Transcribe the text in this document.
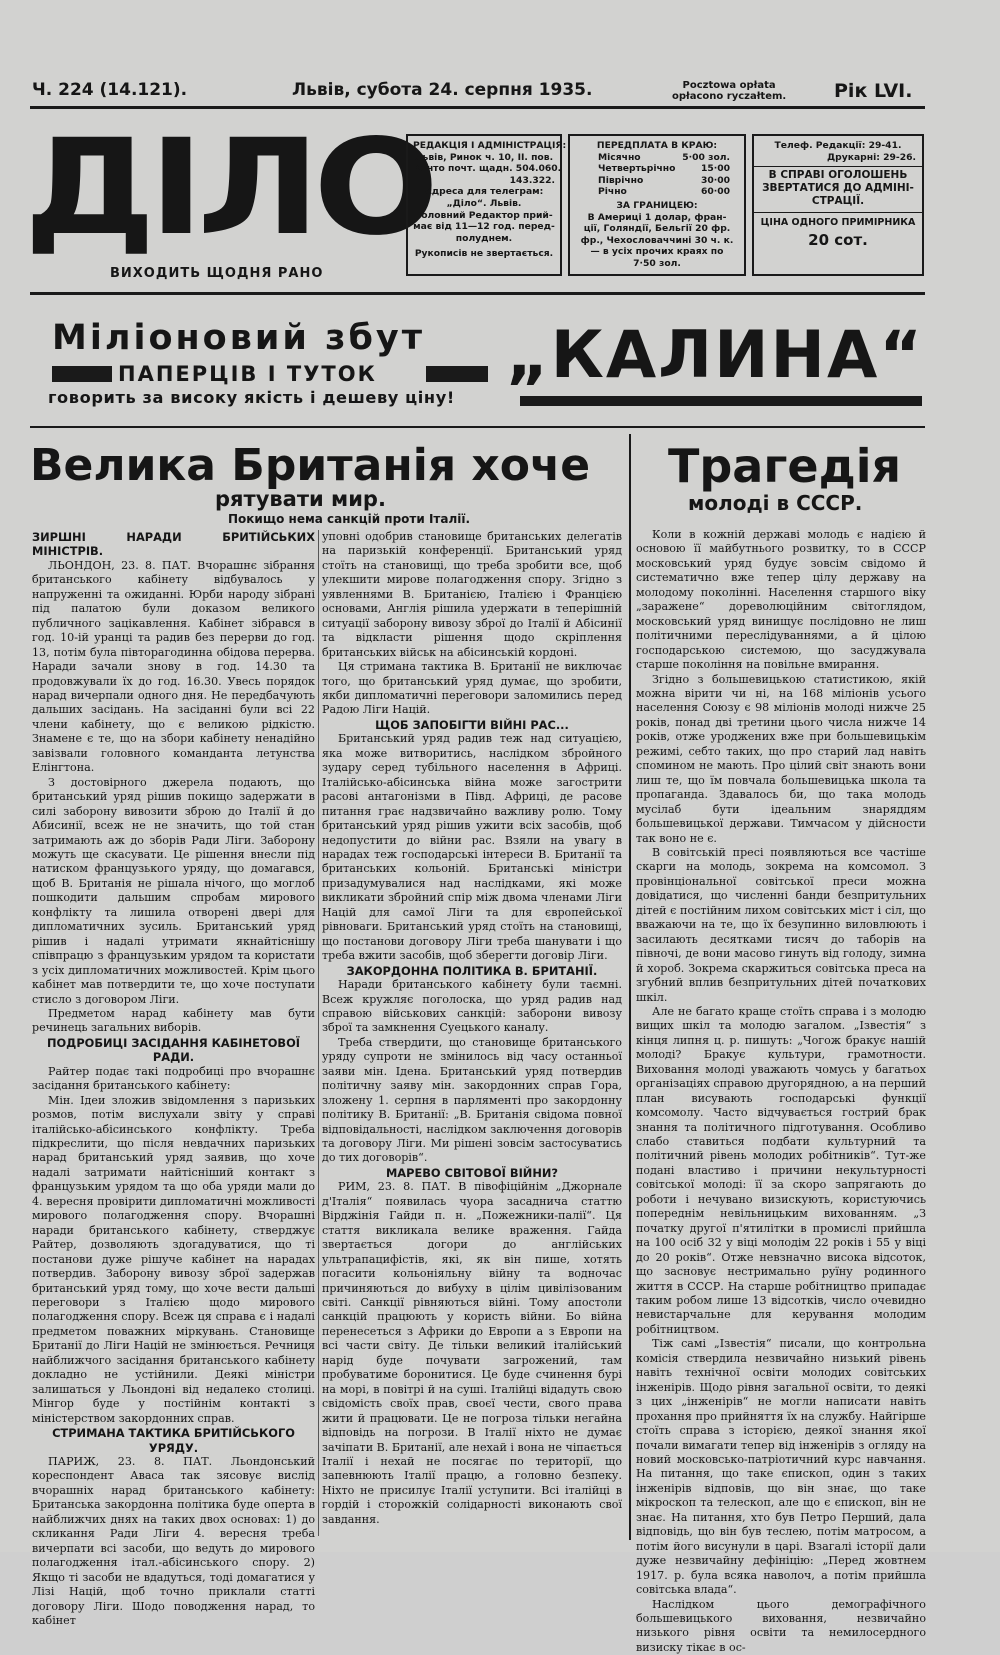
Ч. 224 (14.121).	Львів, субота 24. серпня 1935.	Pocztowa opłata
opłacono ryczałtem.	Рік LVI.
ДІЛО
ВИХОДИТЬ ЩОДНЯ РАНО
РЕДАКЦІЯ І АДМІНІСТРАЦІЯ:
Львів, Ринок ч. 10, II. пов.
Конто почт. щадн. 504.060.
143.322.
Адреса для телеграм:
„Діло“. Львів.
Головний Редактор прий-
має від 11—12 год. перед-
полуднем.
Рукописів не звертається.
ПЕРЕДПЛАТА В КРАЮ:
Місячно	5·00 зол.
Четвертьрічно	15·00
Піврічно	30·00
Річно	60·00
ЗА ГРАНИЦЕЮ:
В Америці 1 долар, фран-
ції, Голяндії, Бельгії 20 фр.
фр., Чехословаччині 30 ч. к.
— в усіх прочих краях по
7·50 зол.
Телеф. Редакції: 29-41.
Друкарні: 29-26.
В СПРАВІ ОГОЛОШЕНЬ
ЗВЕРТАТИСЯ ДО АДМІНІ-
СТРАЦІЇ.
ЦІНА ОДНОГО ПРИМІРНИКА
20 сот.
Міліоновий збут
ПАПЕРЦІВ І ТУТОК
говорить за високу якість і дешеву ціну!
„КАЛИНА“
Велика Британія хоче
рятувати мир.
Покищо нема санкцій проти Італії.

ЗИРШНІ НАРАДИ БРИТІЙСЬКИХ МІНІСТРІВ.

ЛЬОНДОН, 23. 8. ПАТ. Вчорашнє зібрання британського кабінету відбувалось у напруженні та ожиданні. Юрби народу зібрані під палатою були доказом великого публичного зацікавлення. Кабінет зібрався в год. 10-ій уранці та радив без перерви до год. 13, потім була півторагодинна обідова перерва. Наради зачали знову в год. 14.30 та продовжували їх до год. 16.30. Увесь порядок нарад вичерпали одного дня. Не передбачують дальших засідань. На засіданні були всі 22 члени кабінету, що є великою рідкістю. Знамене є те, що на збори кабінету ненадійно завізвали головного команданта летунства Елінгтона.

З достовірного джерела подають, що британський уряд рішив покищо задержати в силі заборону вивозити зброю до Італії й до Абисинії, всеж не не значить, що той стан затримають аж до зборів Ради Ліги. Заборону можуть ще скасувати. Це рішення внесли під натиском французького уряду, що домагався, щоб В. Британія не рішала нічого, що моглоб пошкодити дальшим спробам мирового конфлікту та лишила отворені двері для дипломатичних зусиль. Британський уряд рішив і надалі утримати якнайтіснішу співпрацю з французьким урядом та користати з усіх дипломатичних можливостей. Крім цього кабінет мав потвердити те, що хоче поступати стисло з договором Ліги.

Предметом нарад кабінету мав бути речинець загальних виборів.

ПОДРОБИЦІ ЗАСІДАННЯ КАБІНЕТОВОЇ РАДИ.

Райтер подає такі подробиці про вчорашнє засідання британського кабінету:

Мін. Ідеи зложив звідомлення з паризьких розмов, потім вислухали звіту у справі італійсько-абісинського конфлікту. Треба підкреслити, що після невдачних паризьких нарад британський уряд заявив, що хоче надалі затримати найтісніший контакт з французьким урядом та що оба уряди мали до 4. вересня провірити дипломатичні можливості мирового полагодження спору. Вчорашні наради британського кабінету, стверджує Райтер, дозволяють здогадуватися, що ті постанови дуже рішуче кабінет на нарадах потвердив. Заборону вивозу зброї задержав британський уряд тому, що хоче вести дальші переговори з Італією щодо мирового полагодження спору. Всеж ця справа є і надалі предметом поважних міркувань. Становище Британії до Ліги Націй не змінюється. Речниця найближчого засідання британського кабінету докладно не устійнили. Деякі міністри залишаться у Льондоні від недалеко столиці. Мінгор буде у постійнім контакті з міністерством закордонних справ.

СТРИМАНА ТАКТИКА БРИТІЙСЬКОГО УРЯДУ.

ПАРИЖ, 23. 8. ПАТ. Льондонський кореспондент Аваса так зясовує вислід вчорашніх нарад британського кабінету: Британська закордонна політика буде оперта в найближчих днях на таких двох основах: 1) до скликання Ради Ліги 4. вересня треба вичерпати всі засоби, що ведуть до мирового полагодження італ.-абісинського спору. 2) Якщо ті засоби не вдадуться, тоді домагатися у Лізі Націй, щоб точно приклали статті договору Ліги. Шодо поводження нарад, то кабінет

уповні одобрив становище британських делегатів на паризькій конференції. Британський уряд стоїть на становищі, що треба зробити все, щоб улекшити мирове полагодження спору. Згідно з уявленнями В. Британією, Італією і Францією основами, Англія рішила удержати в теперішній ситуації заборону вивозу зброї до Італії й Абісинії та відкласти рішення щодо скріплення британських військ на абісинській кордоні.

Ця стримана тактика В. Британії не виключає того, що британський уряд думає, що зробити, якби дипломатичні переговори заломились перед Радою Ліги Націй.

ЩОБ ЗАПОБІГТИ ВІЙНІ РАС...

Британський уряд радив теж над ситуацією, яка може витворитись, наслідком збройного зудару серед тубільного населення в Африці. Італійсько-абісинська війна може загострити расові антагонізми в Півд. Африці, де расове питання грає надзвичайно важливу ролю. Тому британський уряд рішив ужити всіх засобів, щоб недопустити до війни рас. Взяли на увагу в нарадах теж господарські інтереси В. Британії та британських кольоній. Британські міністри призадумувалися над наслідками, які може викликати збройний спір між двома членами Ліги Націй для самої Ліги та для європейської рівноваги. Британський уряд стоїть на становищі, що постанови договору Ліги треба шанувати і що треба вжити засобів, щоб зберегти договір Ліги.

ЗАКОРДОННА ПОЛІТИКА В. БРИТАНІЇ.

Наради британського кабінету були таємні. Всеж кружляє поголоска, що уряд радив над справою військових санкцій: заборони вивозу зброї та замкнення Суецького каналу.

Треба ствердити, що становище британського уряду супроти не змінилось від часу останньої заяви мін. Ідена. Британський уряд потвердив політичну заяву мін. закордонних справ Гора, зложену 1. серпня в парляменті про закордонну політику В. Британії: „В. Британія свідома повної відповідальності, наслідком заключення договорів та договору Ліги. Ми рішені зовсім застосуватись до тих договорів“.

МАРЕВО СВІТОВОЇ ВІЙНИ?

РИМ, 23. 8. ПАТ. В півофіційнім „Джорнале д'Італія“ появилась чуора засаднича статтю Вірджінія Гайди п. н. „Пожежники-палії“. Ця стаття викликала велике враження. Гайда звертається догори до англійських ультрапацифістів, які, як він пише, хотять погасити кольоніяльну війну та водночас причиняються до вибуху в цілім цивілізованим світі. Санкції рівняються війні. Тому апостоли санкцій працюють у користь війни. Бо війна перенесеться з Африки до Европи а з Европи на всі части світу. Де тільки великий італійський нарід буде почувати загрожений, там пробуватиме боронитися. Це буде счинення бурі на морі, в повітрі й на суші. Італійці відадуть свою свідомість своїх прав, своєї чести, свого права жити й працювати. Це не погроза тільки негайна відповідь на погрози. В Італії ніхто не думає зачіпати В. Британії, але нехай і вона не чіпається Італії і нехай не посягає по території, що запевнюють Італії працю, а головно безпеку. Ніхто не присилує Італії уступити. Всі італійці в гордій і сторожкій солідарності виконають свої завдання.

Трагедія
молоді в СССР.

Коли в кожній державі молодь є надією й основою її майбутнього розвитку, то в СССР московський уряд будує зовсім свідомо й систематично вже тепер цілу державу на молодому поколінні. Населення старшого віку „заражене“ дореволюційним світоглядом, московський уряд винищує послідовно не лиш політичними переслідуваннями, а й цілою господарською системою, що засуджувала старше покоління на повільне вмирання.

Згідно з большевицькою статистикою, якій можна вірити чи ні, на 168 міліонів усього населення Союзу є 98 міліонів молоді нижче 25 років, понад дві третини цього числа нижче 14 років, отже уроджених вже при большевицькім режимі, себто таких, що про старий лад навіть спомином не мають. Про цілий світ знають вони лиш те, що їм повчала большевицька школа та пропаганда. Здавалось би, що така молодь мусілаб бути ідеальним знаряддям большевицької держави. Тимчасом у дійсности так воно не є.

В совітській пресі появляються все частіше скарги на молодь, зокрема на комсомол. З провінціональної совітської преси можна довідатися, що численні банди безпритульних дітей є постійним лихом совітських міст і сіл, що вважаючи на те, що їх безупинно виловлюють і засилають десятками тисяч до таборів на півночі, де вони масово гинуть від голоду, зимна й хороб. Зокрема скаржиться совітська преса на згубний вплив безпритульних дітей початкових шкіл.

Але не багато краще стоїть справа і з молодю вищих шкіл та молодю загалом. „Ізвестія“ з кінця липня ц. р. пишуть: „Чогож бракує нашій молоді? Бракує культури, грамотности. Виховання молоді уважають чомусь у багатьох організаціях справою другорядною, а на перший план висувають господарські функції комсомолу. Часто відчувається гострий брак знання та політичного підготування. Особливо слабо ставиться подбати культурний та політичний рівень молодих робітників“. Тут-же подані властиво і причини некультурності совітської молоді: її за скоро запрягають до роботи і нечувано визискують, користуючись попереднім невільницьким вихованням. „З початку другої п'ятилітки в промислі прийшла на 100 осіб 32 у віці молодім 22 років і 55 у віці до 20 років“. Отже невзначно висока відсоток, що засновує нестримально руїну родинного життя в СССР. На старше робітництво припадає таким робом лише 13 відсотків, число очевидно невистарчальне для керування молодим робітництвом.

Тіж самі „Ізвестія“ писали, що контрольна комісія ствердила незвичайно низький рівень навіть технічної освіти молодих совітських інженірів. Щодо рівня загальної освіти, то деякі з цих „інженірів“ не могли написати навіть прохання про прийняття їх на службу. Найгірше стоїть справа з історією, деякої знання якої почали вимагати тепер від інженірів з огляду на новий московсько-патріотичний курс навчання. На питання, що таке єпископ, один з таких інженірів відповів, що він знає, що таке мікроскоп та телескоп, але що є єпископ, він не знає. На питання, хто був Петро Перший, дала відповідь, що він був теслею, потім матросом, а потім його висунули в царі. Взагалі історії дали дуже незвичайну дефініцію: „Перед жовтнем 1917. р. була всяка наволоч, а потім прийшла совітська влада“.

Наслідком цього демографічного большевицького виховання, незвичайно низького рівня освіти та немилосердного визиску тікає в ос-
